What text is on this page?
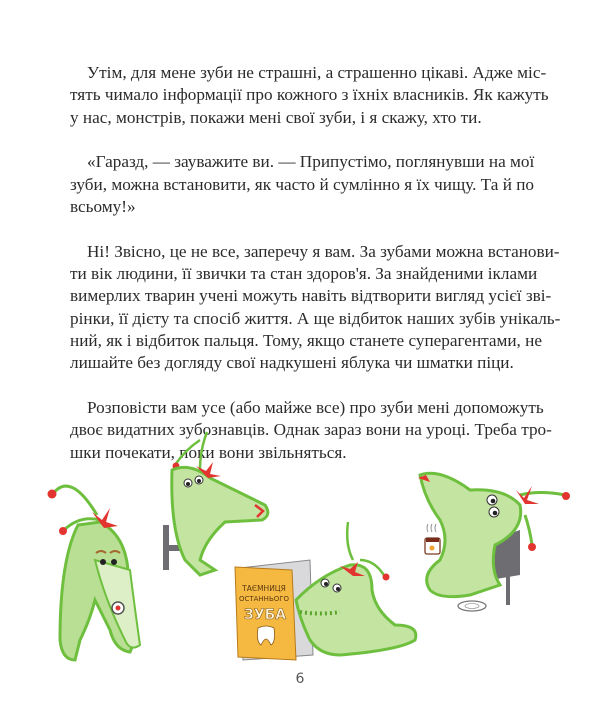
Утім, для мене зуби не страшні, а страшенно цікаві. Адже міс-
тять чимало інформації про кожного з їхніх власників. Як кажуть
у нас, монстрів, покажи мені свої зуби, і я скажу, хто ти.

«Гаразд, — зауважите ви. — Припустімо, поглянувши на мої
зуби, можна встановити, як часто й сумлінно я їх чищу. Та й по
всьому!»

Ні! Звісно, це не все, заперечу я вам. За зубами можна встанови-
ти вік людини, її звички та стан здоров'я. За знайденими іклами
вимерлих тварин учені можуть навіть відтворити вигляд усієї зві-
рінки, її дієту та спосіб життя. А ще відбиток наших зубів унікаль-
ний, як і відбиток пальця. Тому, якщо станете суперагентами, не
лишайте без догляду свої надкушені яблука чи шматки піци.

Розповісти вам усе (або майже все) про зуби мені допоможуть
двоє видатних зубознавців. Однак зараз вони на уроці. Треба тро-
шки почекати, поки вони звільняться.

ТАЄМНИЦЯ
ОСТАННЬОГО
ЗУБА
6
